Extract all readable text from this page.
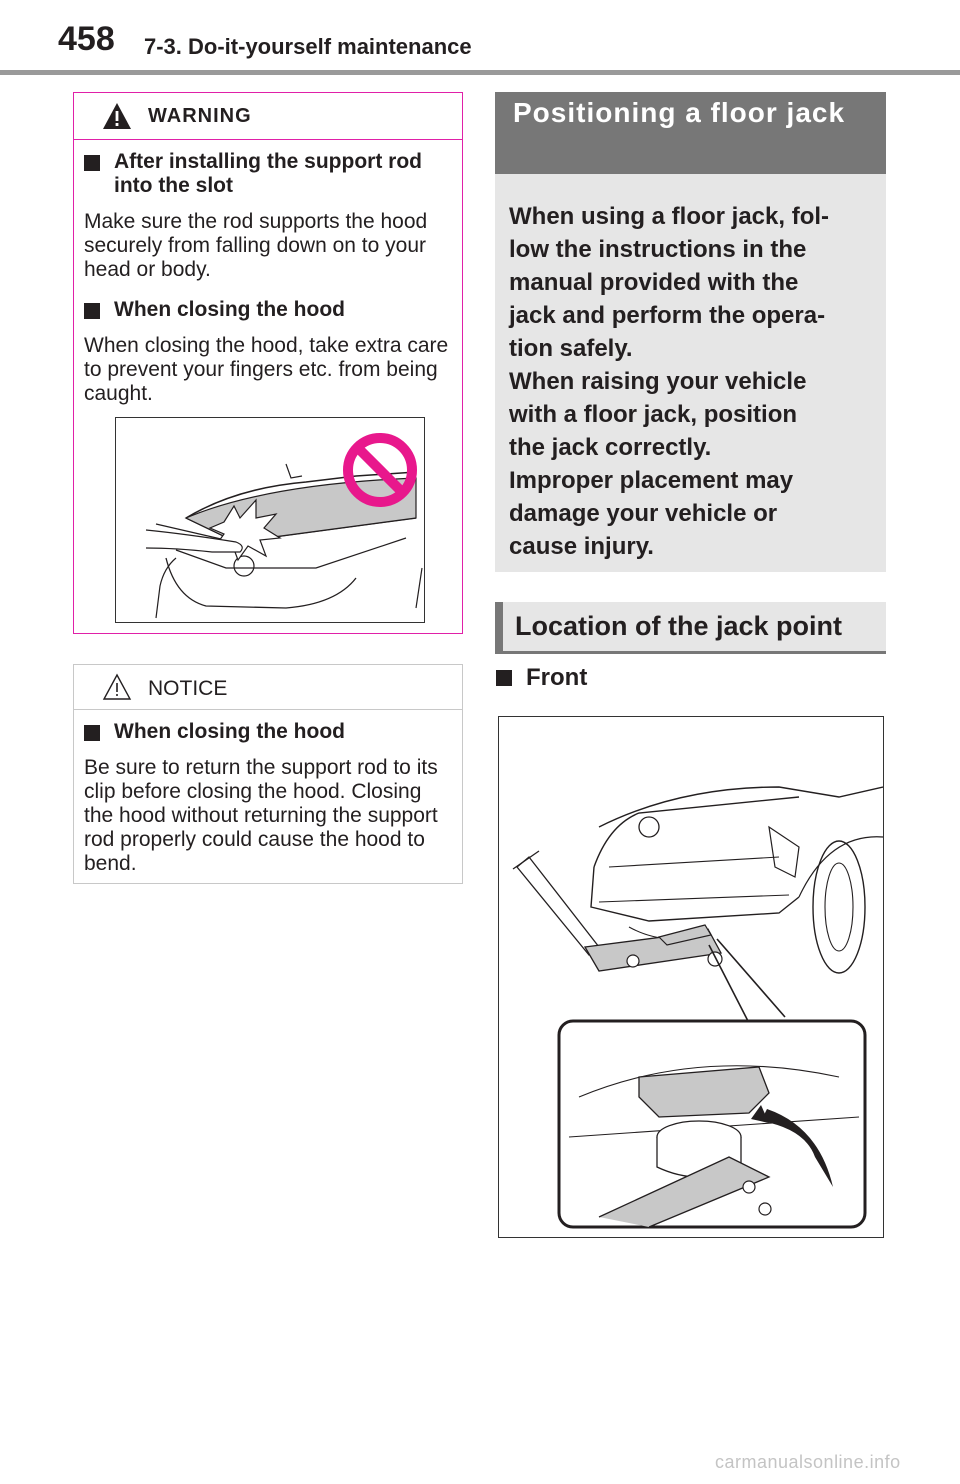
458 7-3. Do-it-yourself maintenance
WARNING
After installing the support rod into the slot
Make sure the rod supports the hood securely from falling down on to your head or body.
When closing the hood
When closing the hood, take extra care to prevent your fingers etc. from being caught.
NOTICE
When closing the hood
Be sure to return the support rod to its clip before closing the hood. Closing the hood without returning the support rod properly could cause the hood to bend.
Positioning a floor jack

When using a floor jack, fol-

low the instructions in the

manual provided with the

jack and perform the opera-

tion safely.

When raising your vehicle

with a floor jack, position

the jack correctly.

Improper placement may

damage your vehicle or

cause injury.

Location of the jack point
Front
carmanualsonline.info
